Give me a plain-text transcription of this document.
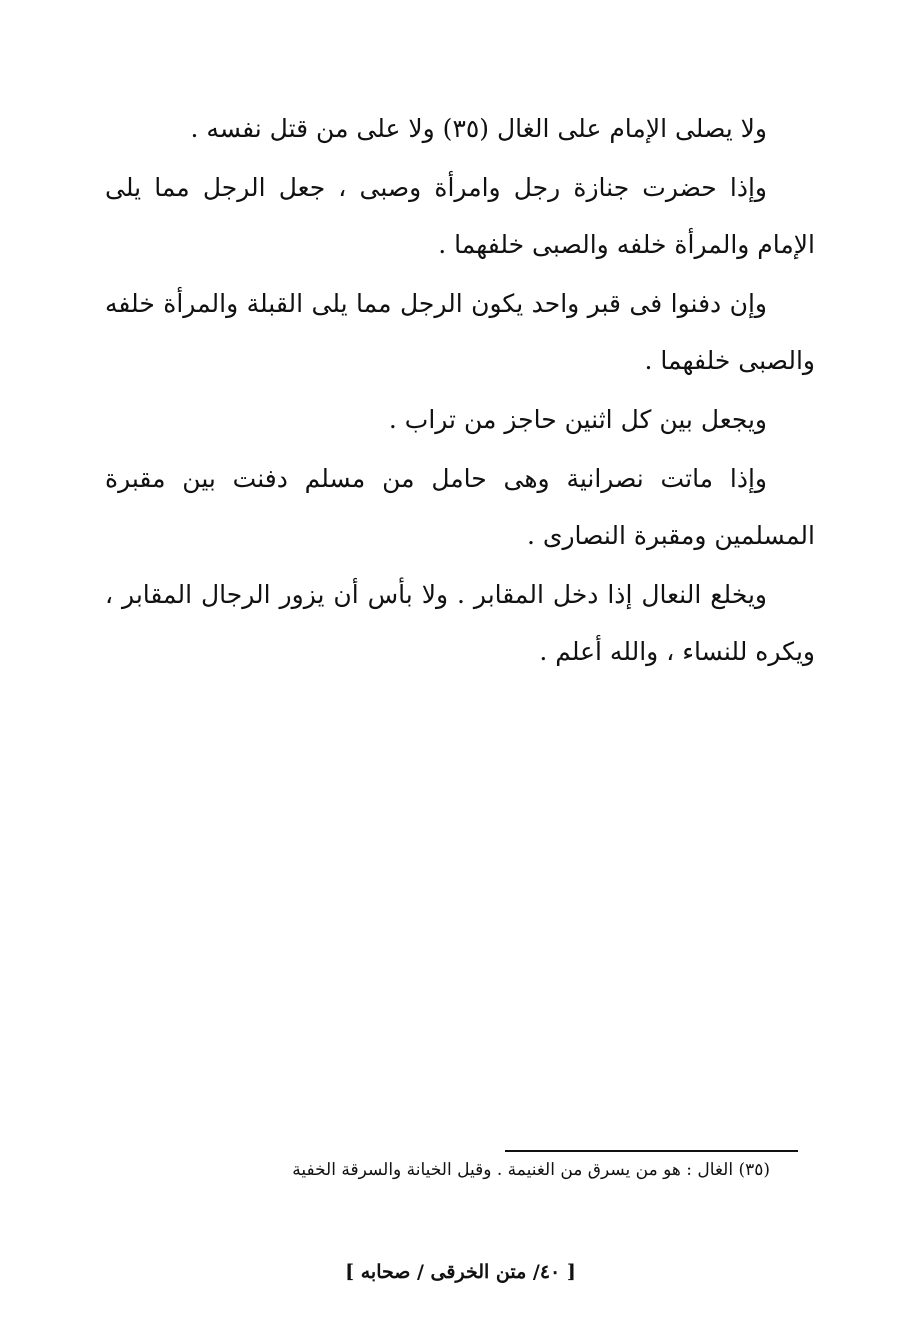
ولا يصلى الإمام على الغال (٣٥) ولا على من قتل نفسه .

وإذا حضرت جنازة رجل وامرأة وصبى ، جعل الرجل مما يلى الإمام والمرأة خلفه والصبى خلفهما .

وإن دفنوا فى قبر واحد يكون الرجل مما يلى القبلة والمرأة خلفه والصبى خلفهما .

ويجعل بين كل اثنين حاجز من تراب .

وإذا ماتت نصرانية وهى حامل من مسلم دفنت بين مقبرة المسلمين ومقبرة النصارى .

ويخلع النعال إذا دخل المقابر . ولا بأس أن يزور الرجال المقابر ، ويكره للنساء ، والله أعلم .

(٣٥) الغال : هو من يسرق من الغنيمة . وقيل الخيانة والسرقة الخفية
[ ٤٠/ متن الخرقى / صحابه ]
